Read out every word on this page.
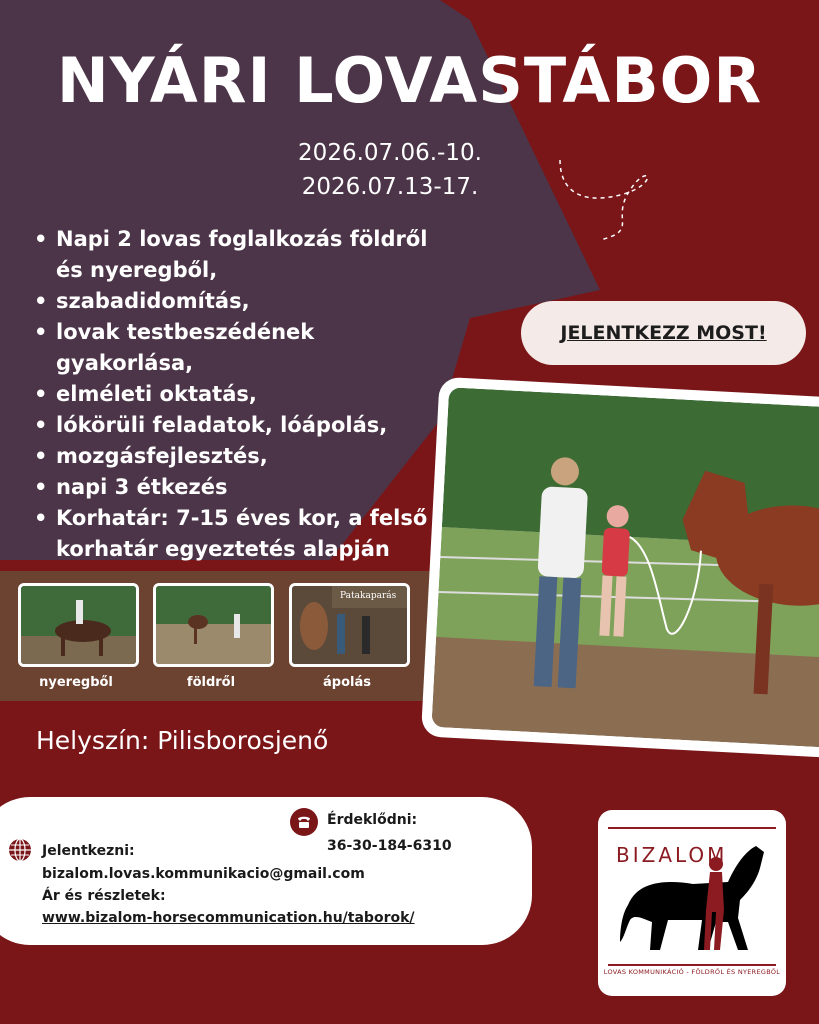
NYÁRI LOVASTÁBOR
2026.07.06.-10.
2026.07.13-17.
• Napi 2 lovas foglalkozás földről és nyeregből,
• szabadidomítás,
• lovak testbeszédének gyakorlása,
• elméleti oktatás,
• lókörüli feladatok, lóápolás,
• mozgásfejlesztés,
• napi 3 étkezés
• Korhatár: 7-15 éves kor, a felső korhatár egyeztetés alapján
JELENTKEZZ MOST!
Patakaparás
nyeregből	földről	ápolás
Helyszín: Pilisborosjenő
Érdeklődni:
36-30-184-6310
Jelentkezni:
bizalom.lovas.kommunikacio@gmail.com
Ár és részletek:
www.bizalom-horsecommunication.hu/taborok/
BIZALOM
LOVAS KOMMUNIKÁCIÓ - FÖLDRŐL ÉS NYEREGBŐL
